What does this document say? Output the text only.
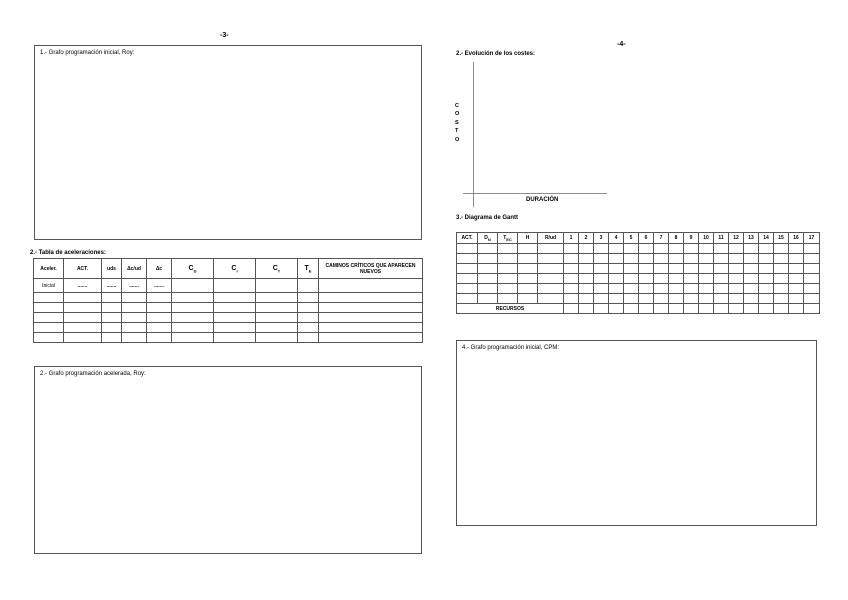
-3-
1.- Grafo programación inicial, Roy:
2.- Tabla de aceleraciones:
Aceler.	ACT.	uds	Δc/ud	Δc	$C_D$	$C_I$	$C_T$	$T_E$	CAMINOS CRÍTICOS QUE APARECEN NUEVOS
Inicial	.......	.......	.......	.......					

2.- Grafo programación acelerada, Roy:
-4-
2.- Evolución de los costes:
C
O
S
T
O
DURACIÓN
3.- Diagrama de Gantt
ACT.	$D_N$	$T_{EC}$	H	R/ud	1	2	3	4	5	6	7	8	9	10	11	12	13	14	15	16	17

RECURSOS																					
4.- Grafo programación inicial, CPM:
